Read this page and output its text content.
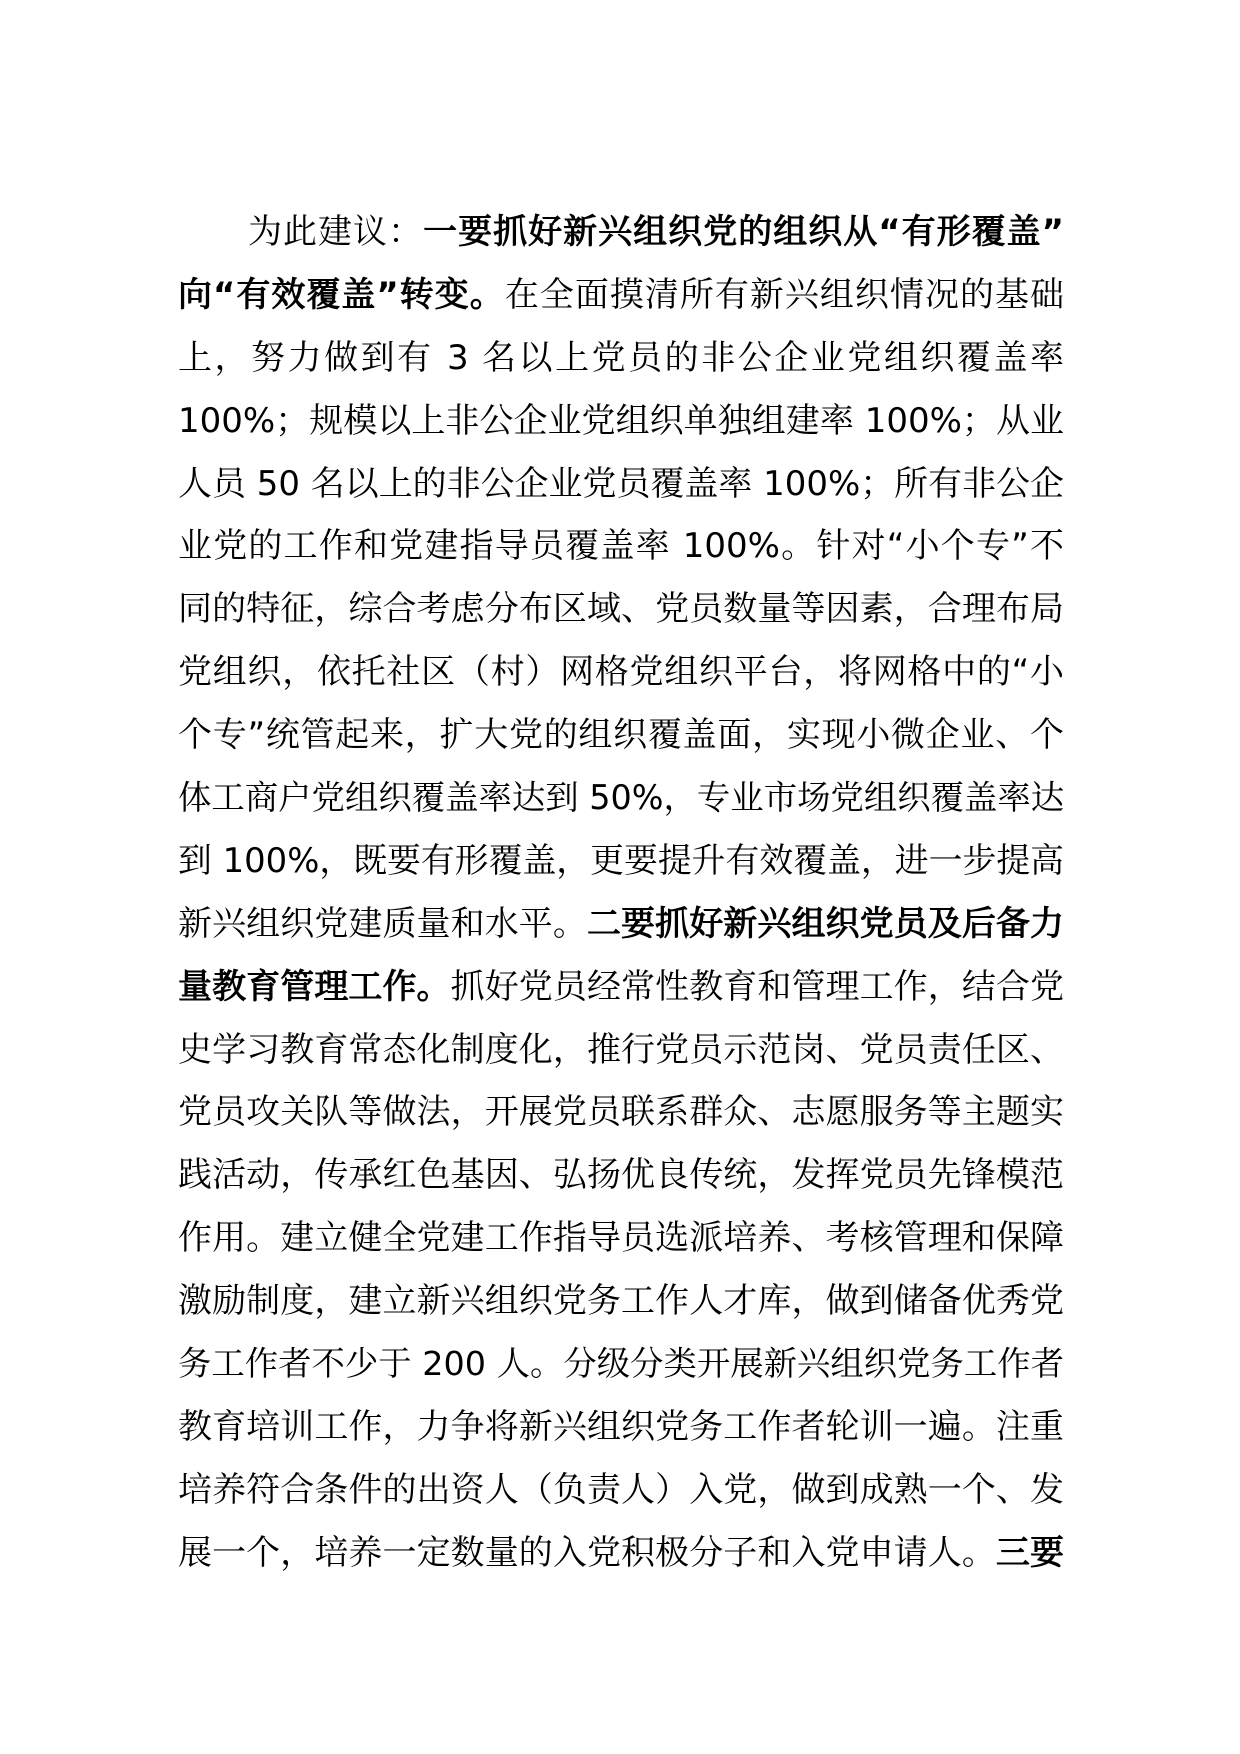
　　为此建议：一要抓好新兴组织党的组织从“有形覆盖”
向“有效覆盖”转变。在全面摸清所有新兴组织情况的基础
上，努力做到有 3 名以上党员的非公企业党组织覆盖率
100%；规模以上非公企业党组织单独组建率 100%；从业
人员 50 名以上的非公企业党员覆盖率 100%；所有非公企
业党的工作和党建指导员覆盖率 100%。针对“小个专”不
同的特征，综合考虑分布区域、党员数量等因素，合理布局
党组织，依托社区（村）网格党组织平台，将网格中的“小
个专”统管起来，扩大党的组织覆盖面，实现小微企业、个
体工商户党组织覆盖率达到 50%，专业市场党组织覆盖率达
到 100%，既要有形覆盖，更要提升有效覆盖，进一步提高
新兴组织党建质量和水平。二要抓好新兴组织党员及后备力
量教育管理工作。抓好党员经常性教育和管理工作，结合党
史学习教育常态化制度化，推行党员示范岗、党员责任区、
党员攻关队等做法，开展党员联系群众、志愿服务等主题实
践活动，传承红色基因、弘扬优良传统，发挥党员先锋模范
作用。建立健全党建工作指导员选派培养、考核管理和保障
激励制度，建立新兴组织党务工作人才库，做到储备优秀党
务工作者不少于 200 人。分级分类开展新兴组织党务工作者
教育培训工作，力争将新兴组织党务工作者轮训一遍。注重
培养符合条件的出资人（负责人）入党，做到成熟一个、发
展一个，培养一定数量的入党积极分子和入党申请人。三要
